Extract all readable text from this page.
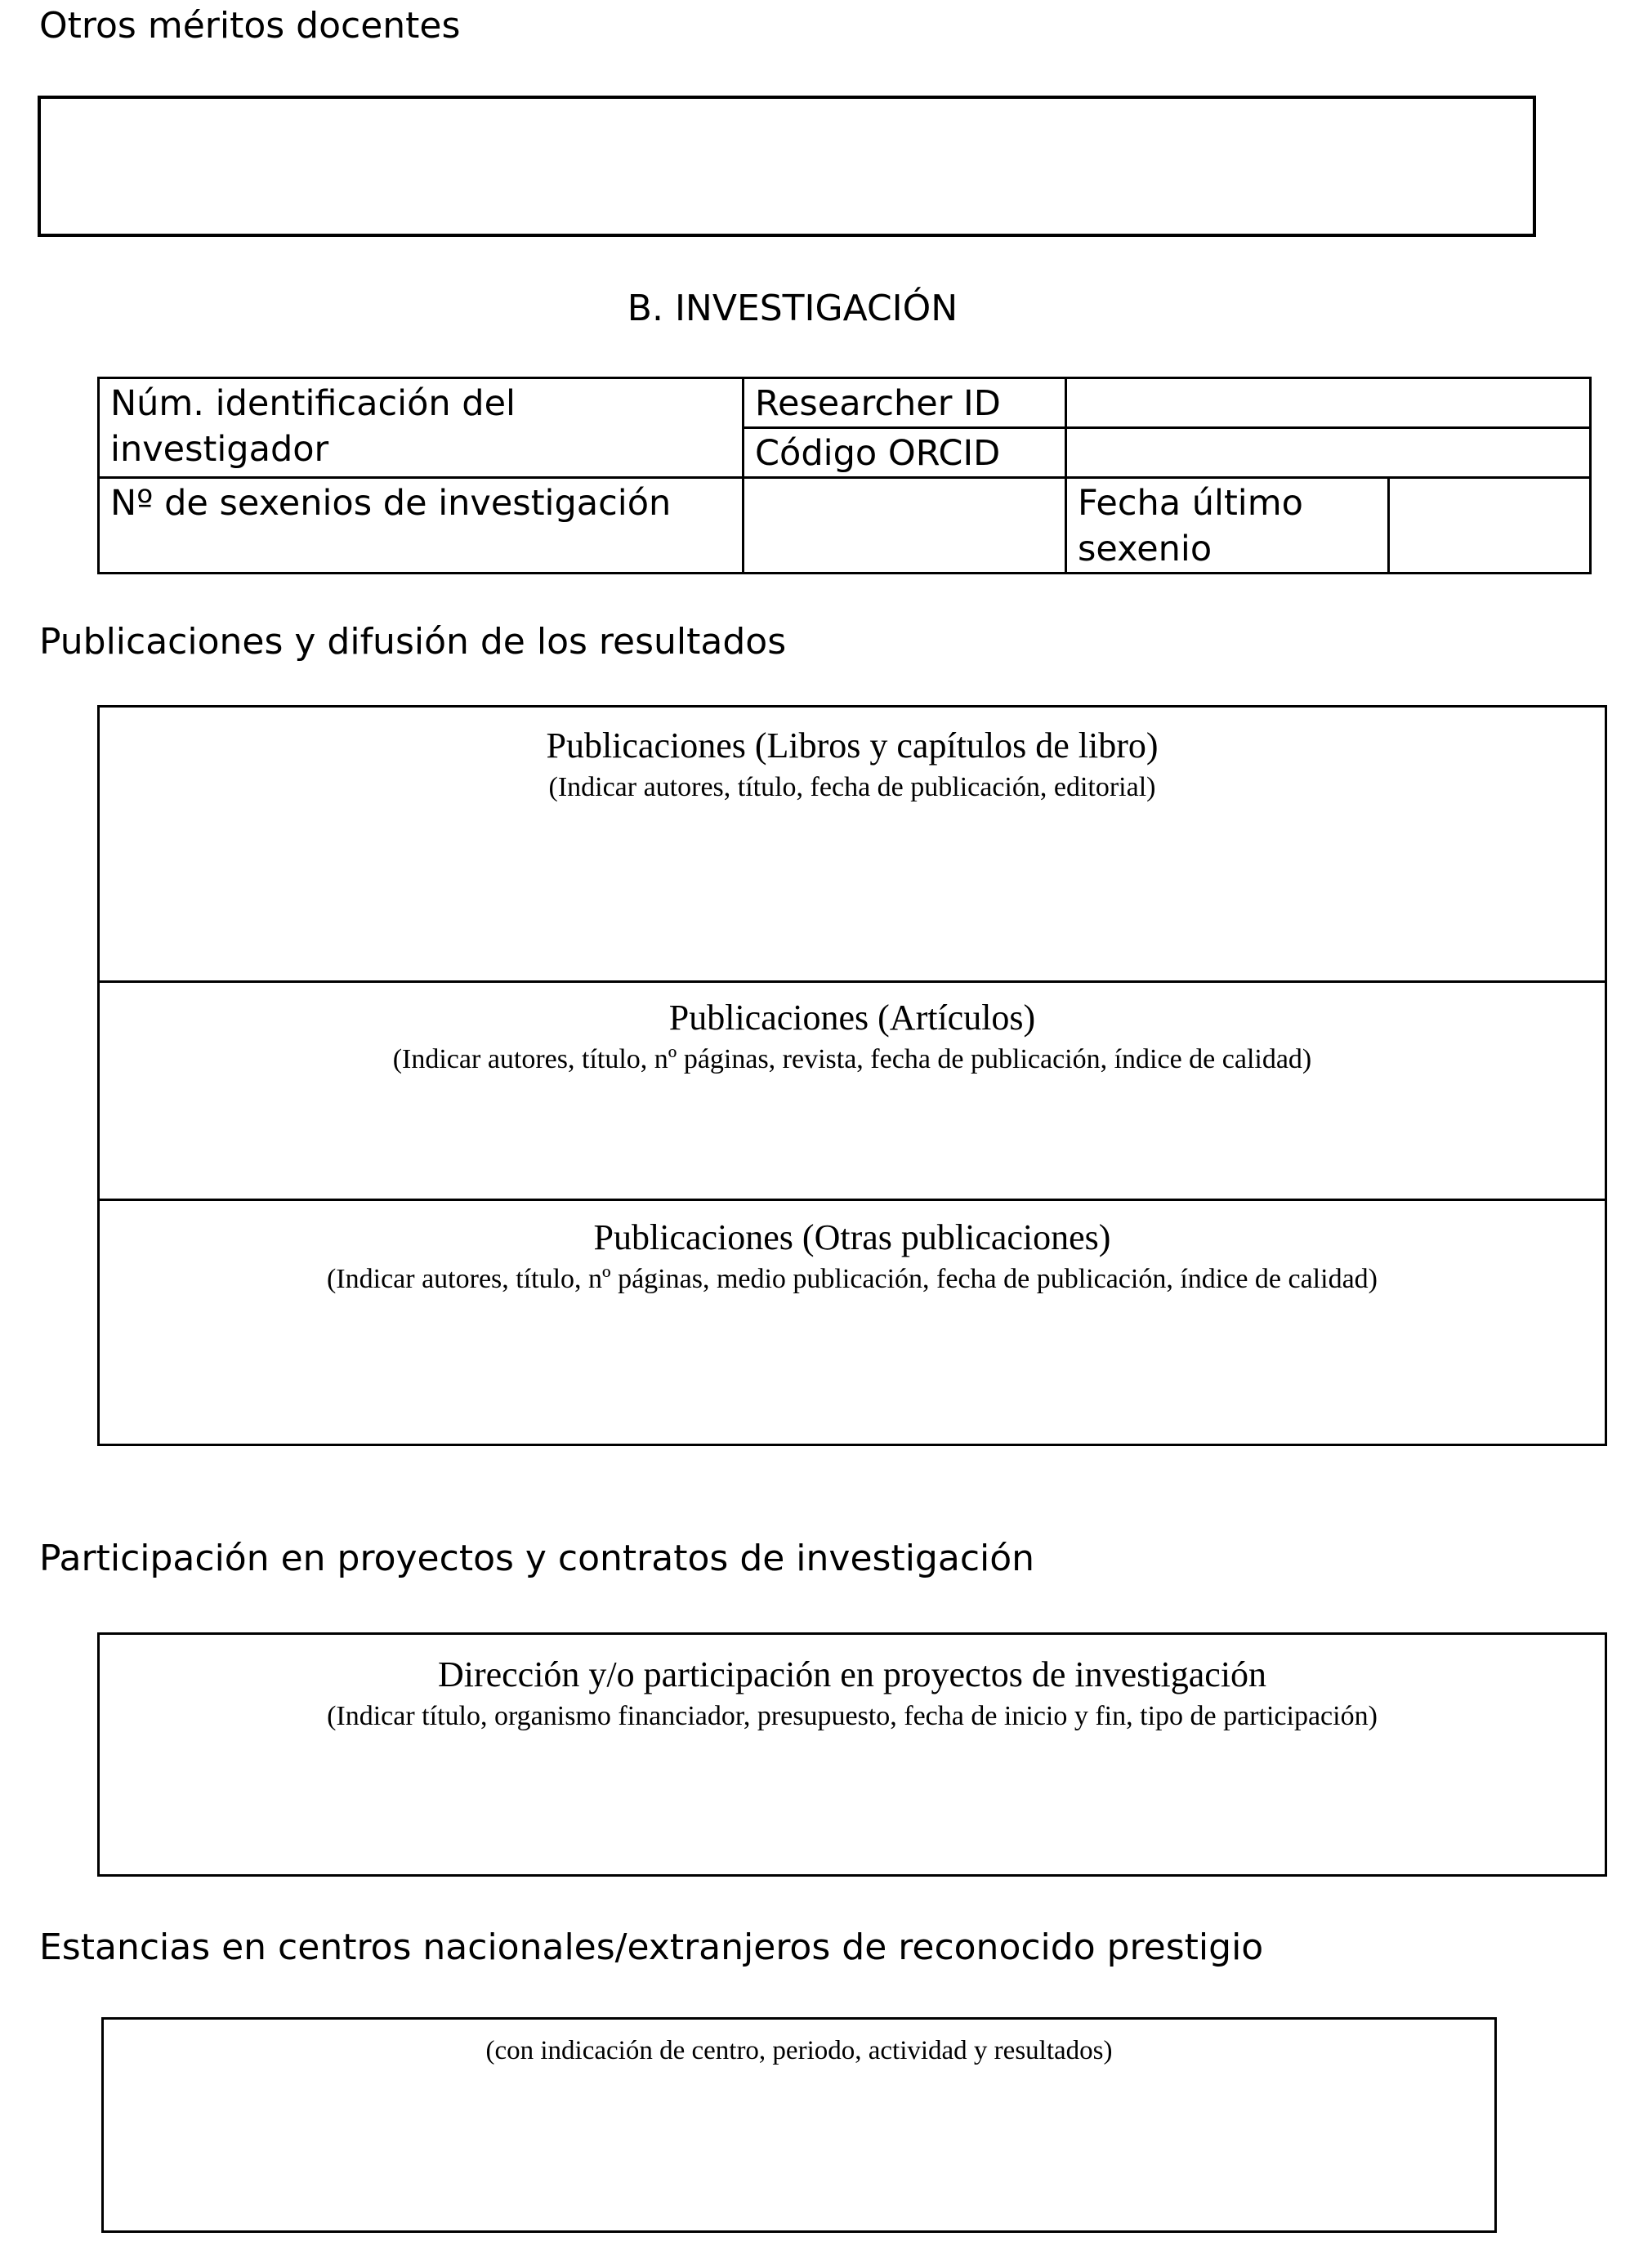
Otros méritos docentes
B. INVESTIGACIÓN
Núm. identificación del investigador	Researcher ID		
	Código ORCID		
Nº de sexenios de investigación		Fecha último sexenio	
Publicaciones y difusión de los resultados
Publicaciones (Libros y capítulos de libro)
(Indicar autores, título, fecha de publicación, editorial)
Publicaciones (Artículos)
(Indicar autores, título, nº páginas, revista, fecha de publicación, índice de calidad)
Publicaciones (Otras publicaciones)
(Indicar autores, título, nº páginas, medio publicación, fecha de publicación, índice de calidad)
Participación en proyectos y contratos de investigación
Dirección y/o participación en proyectos de investigación
(Indicar título, organismo financiador, presupuesto, fecha de inicio y fin, tipo de participación)
Estancias en centros nacionales/extranjeros de reconocido prestigio
(con indicación de centro, periodo, actividad y resultados)
